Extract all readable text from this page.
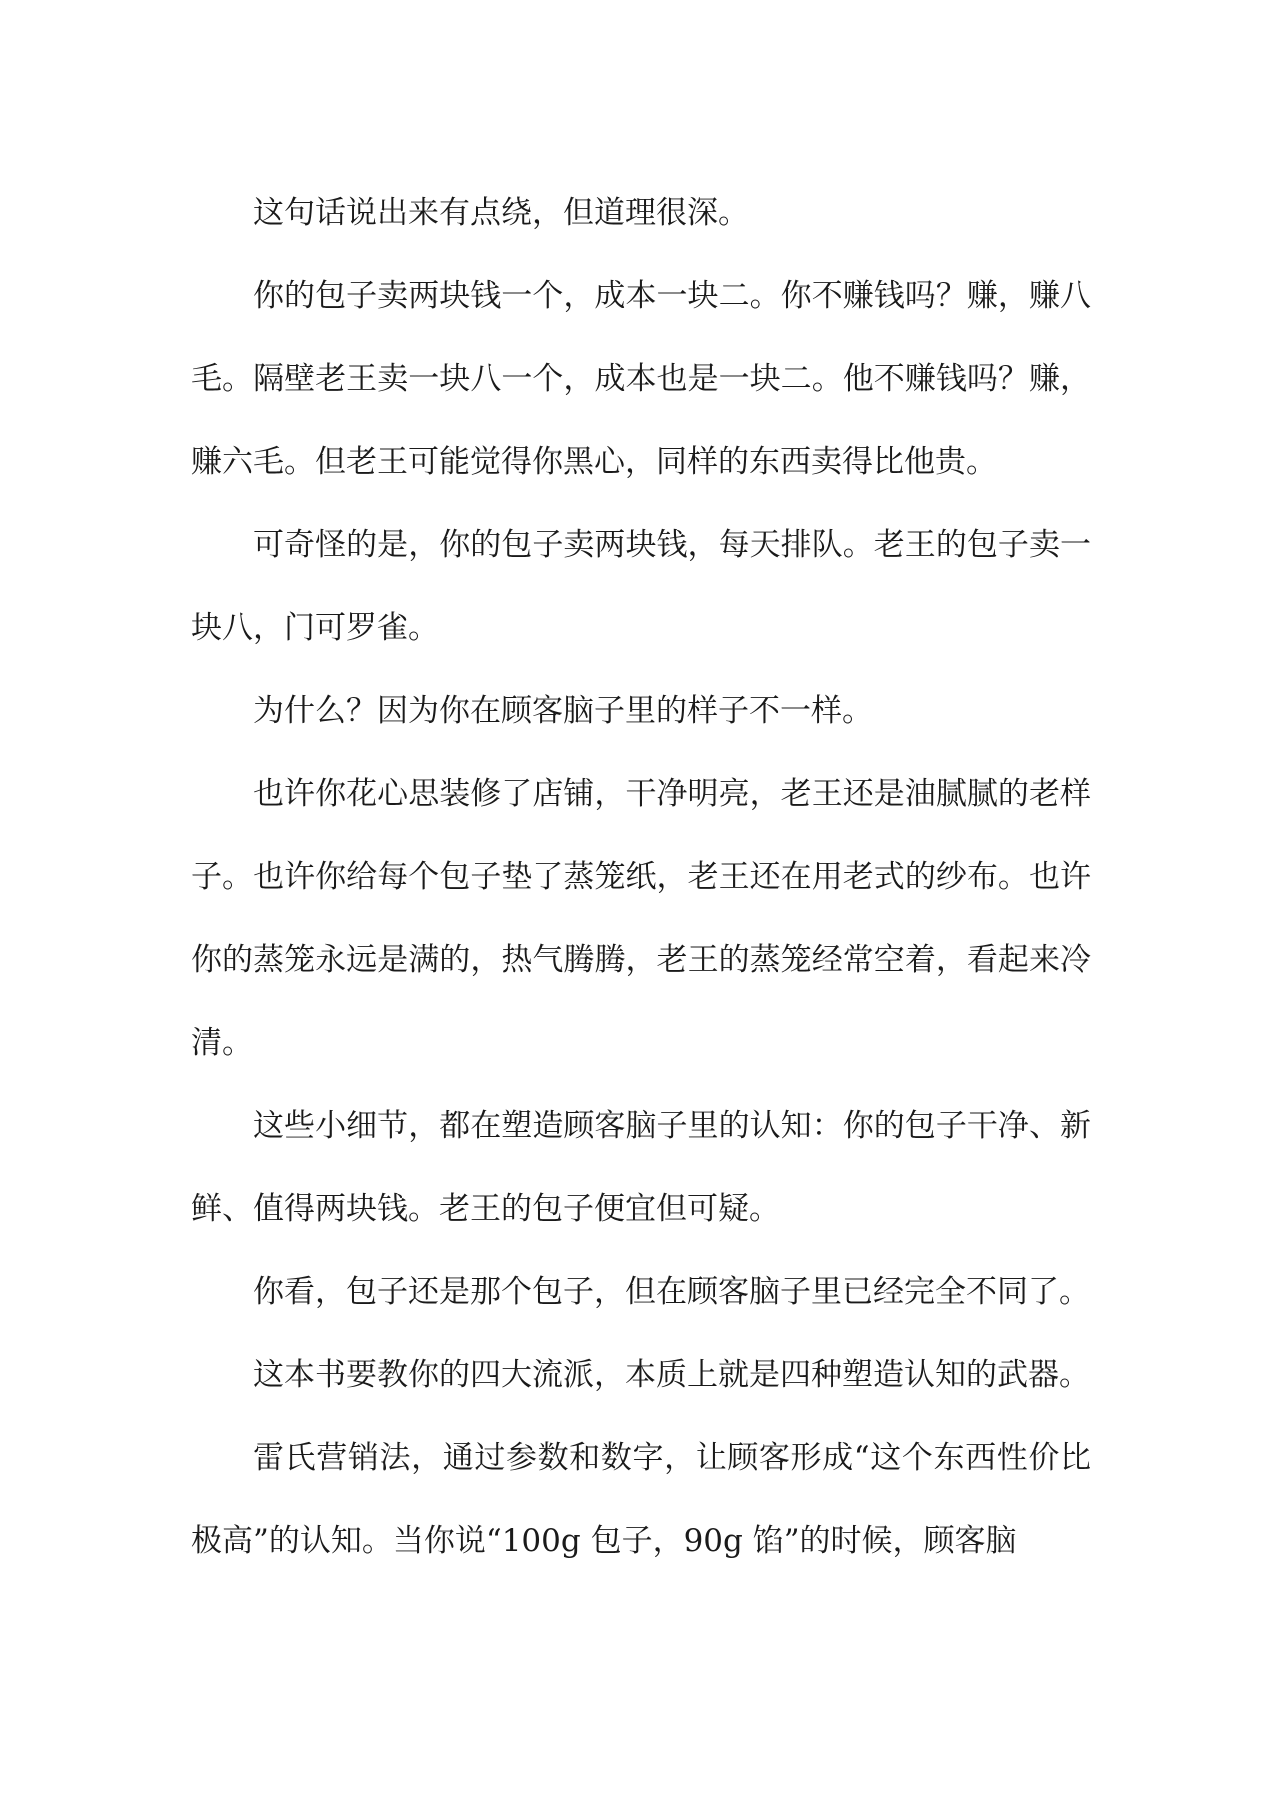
这句话说出来有点绕，但道理很深。

你的包子卖两块钱一个，成本一块二。你不赚钱吗？赚，赚八毛。隔壁老王卖一块八一个，成本也是一块二。他不赚钱吗？赚，赚六毛。但老王可能觉得你黑心，同样的东西卖得比他贵。

可奇怪的是，你的包子卖两块钱，每天排队。老王的包子卖一块八，门可罗雀。

为什么？因为你在顾客脑子里的样子不一样。

也许你花心思装修了店铺，干净明亮，老王还是油腻腻的老样子。也许你给每个包子垫了蒸笼纸，老王还在用老式的纱布。也许你的蒸笼永远是满的，热气腾腾，老王的蒸笼经常空着，看起来冷清。

这些小细节，都在塑造顾客脑子里的认知：你的包子干净、新鲜、值得两块钱。老王的包子便宜但可疑。

你看，包子还是那个包子，但在顾客脑子里已经完全不同了。

这本书要教你的四大流派，本质上就是四种塑造认知的武器。

雷氏营销法，通过参数和数字，让顾客形成“这个东西性价比极高”的认知。当你说“100g 包子，90g 馅”的时候，顾客脑
